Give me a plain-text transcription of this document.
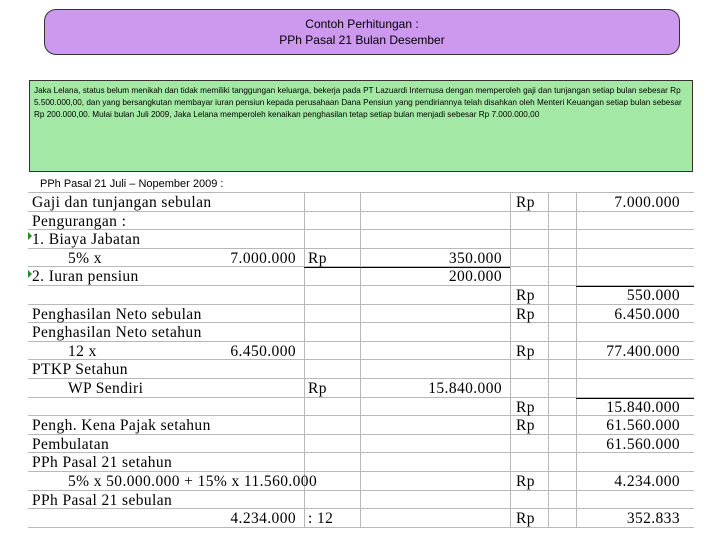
Contoh Perhitungan :
PPh Pasal 21 Bulan Desember
Jaka Lelana, status belum menikah dan tidak memiliki tanggungan keluarga, bekerja pada PT Lazuardi Internusa dengan memperoleh gaji dan tunjangan setiap bulan sebesar Rp 5.500.000,00, dan yang bersangkutan membayar iuran pensiun kepada perusahaan Dana Pensiun yang pendiriannya telah disahkan oleh Menteri Keuangan setiap bulan sebesar Rp 200.000,00. Mulai bulan Juli 2009, Jaka Lelana memperoleh kenaikan penghasilan tetap setiap bulan menjadi sebesar Rp 7.000.000,00
PPh Pasal 21 Juli – Nopember 2009 :
Gaji dan tunjangan sebulan	Rp	7.000.000
Pengurangan :
1. Biaya Jabatan
5% x	7.000.000 Rp	350.000
2. Iuran pensiun	200.000
Rp	550.000
Penghasilan Neto sebulan	Rp	6.450.000
Penghasilan Neto setahun
12 x	6.450.000	Rp	77.400.000
PTKP Setahun
WP Sendiri	Rp	15.840.000
Rp	15.840.000
Pengh. Kena Pajak setahun	Rp	61.560.000
Pembulatan	61.560.000
PPh Pasal 21 setahun
5% x 50.000.000 + 15% x 11.560.000	Rp	4.234.000
PPh Pasal 21 sebulan
4.234.000 : 12	Rp	352.833
